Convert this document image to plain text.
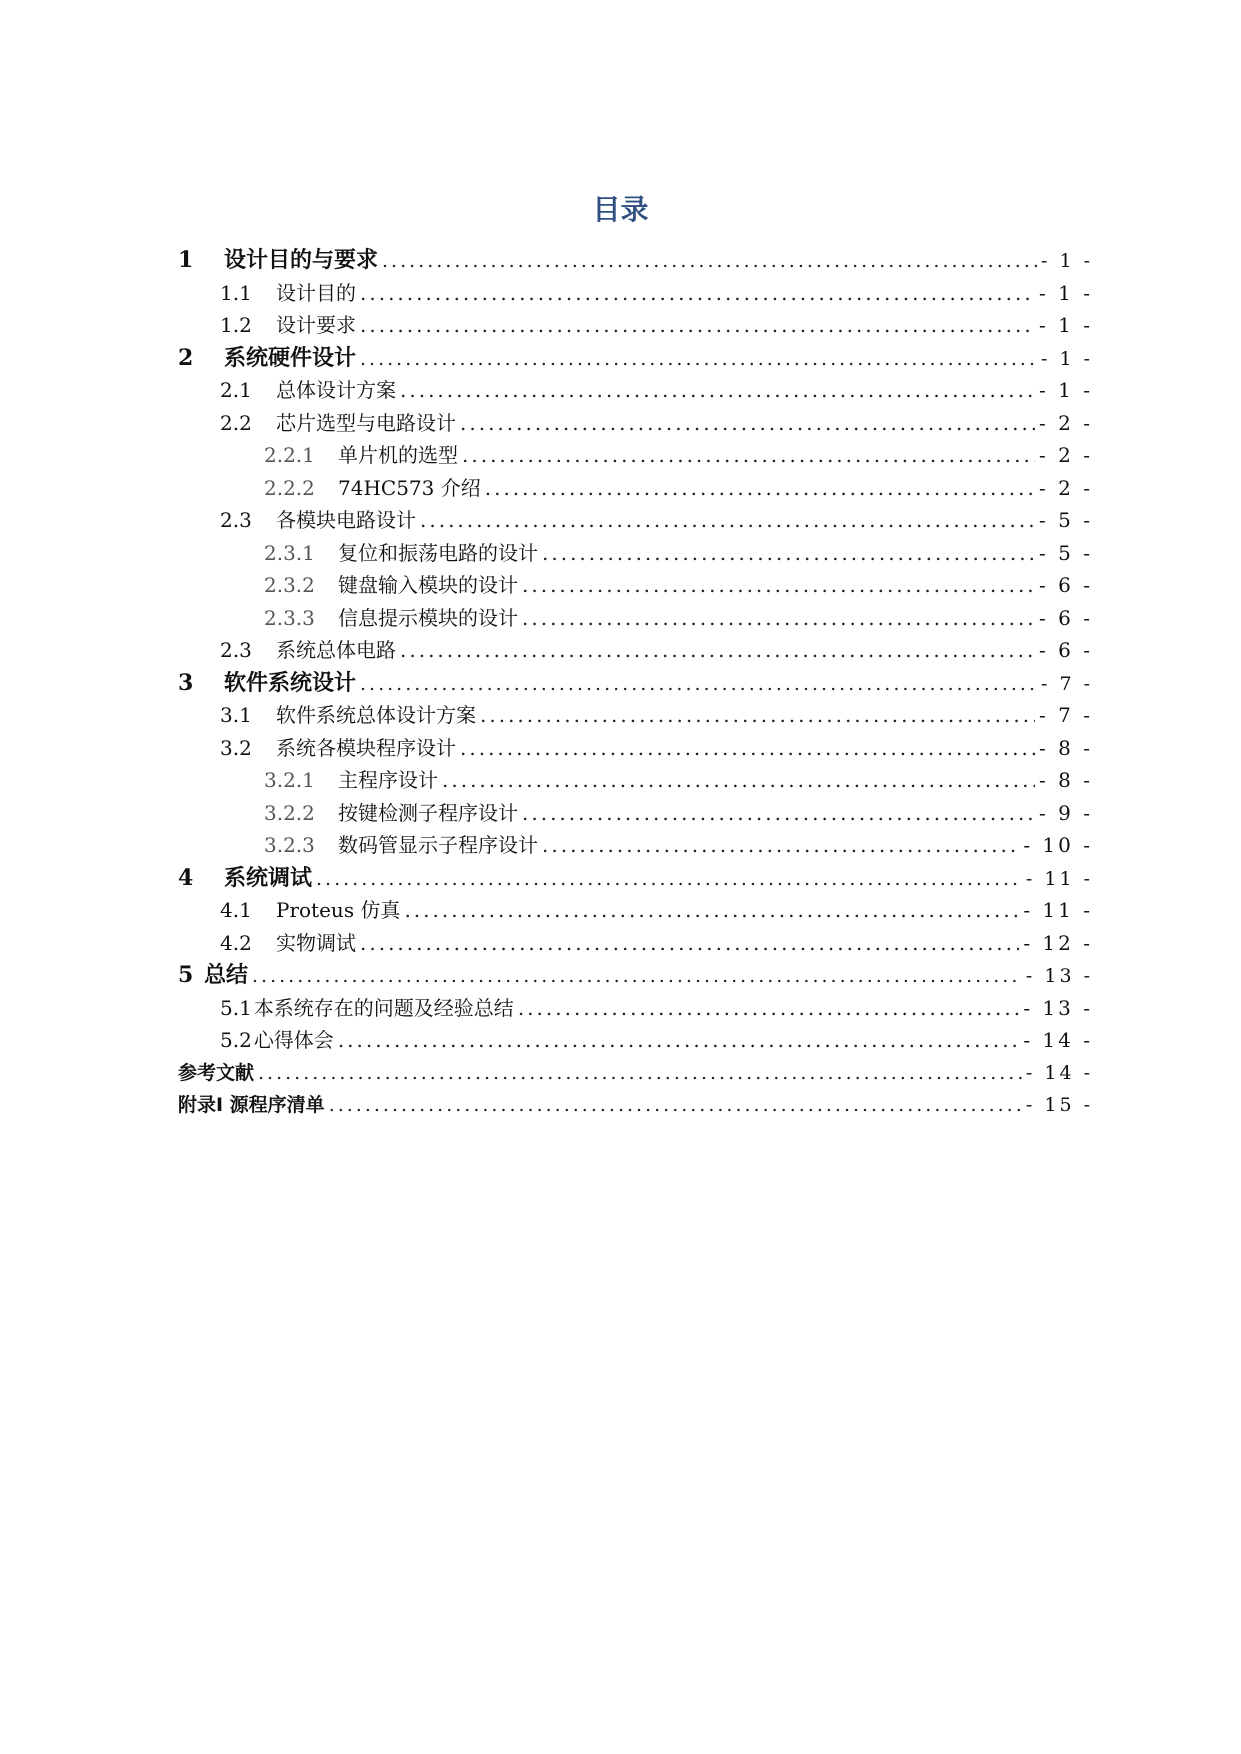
目录
1	设计目的与要求 .....	- 1 -
1.1	设计目的 .....	- 1 -
1.2	设计要求 .....	- 1 -
2	系统硬件设计 .....	- 1 -
2.1	总体设计方案 .....	- 1 -
2.2	芯片选型与电路设计 .....	- 2 -
2.2.1	单片机的选型 .....	- 2 -
2.2.2	74HC573 介绍 .....	- 2 -
2.3	各模块电路设计 .....	- 5 -
2.3.1	复位和振荡电路的设计 .....	- 5 -
2.3.2	键盘输入模块的设计 .....	- 6 -
2.3.3	信息提示模块的设计 .....	- 6 -
2.3	系统总体电路 .....	- 6 -
3	软件系统设计 .....	- 7 -
3.1	软件系统总体设计方案 .....	- 7 -
3.2	系统各模块程序设计 .....	- 8 -
3.2.1	主程序设计 .....	- 8 -
3.2.2	按键检测子程序设计 .....	- 9 -
3.2.3	数码管显示子程序设计 .....	- 10 -
4	系统调试 .....	- 11 -
4.1	Proteus 仿真 .....	- 11 -
4.2	实物调试 .....	- 12 -
5 总结 .....	- 13 -
5.1 本系统存在的问题及经验总结 .....	- 13 -
5.2 心得体会 .....	- 14 -
参考文献 .....	- 14 -
附录Ⅰ 源程序清单 .....	- 15 -
